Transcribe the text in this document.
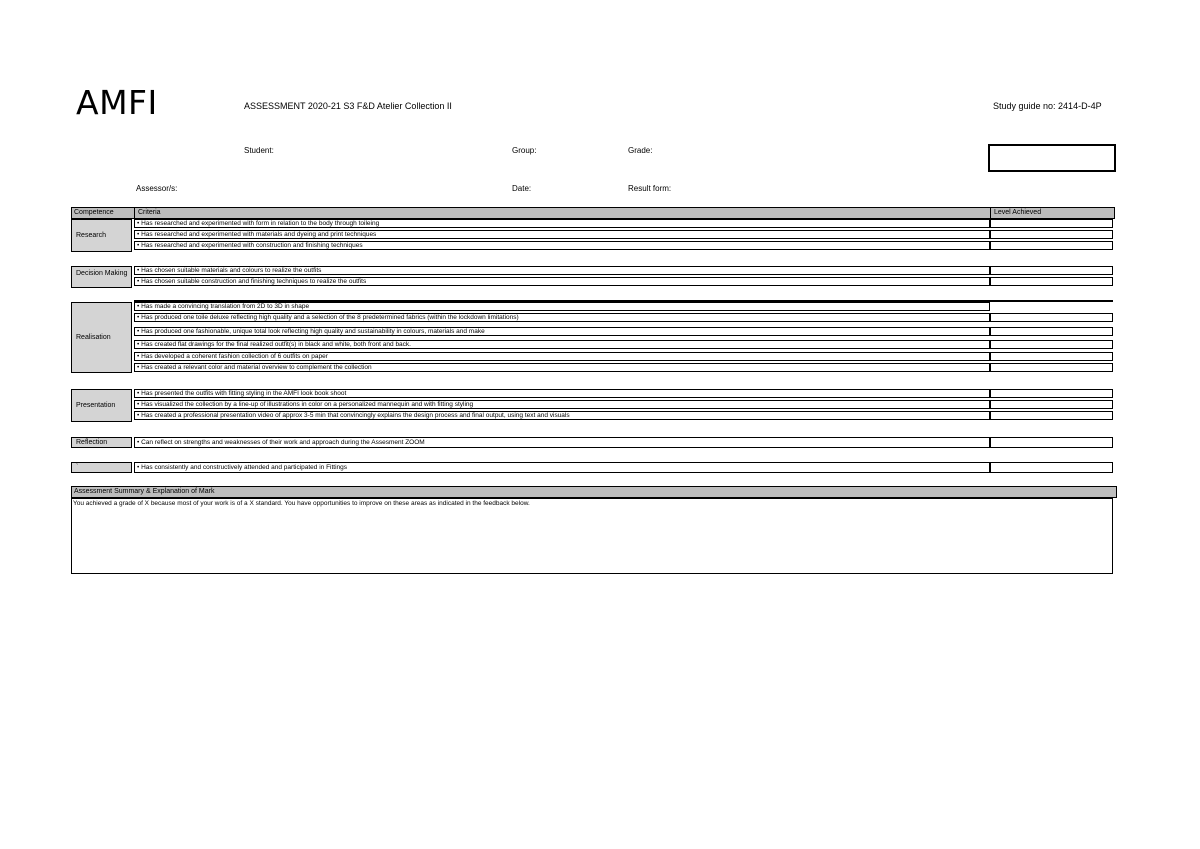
AMFI	ASSESSMENT 2020-21 S3 F&D Atelier Collection II	Study guide no: 2414-D-4P
Student:	Group:	Grade:
Assessor/s:	Date:	Result form:
Competence	Criteria	Level Achieved
Research
• Has researched and experimented with form in relation to the body through toileing
• Has researched and experimented with materials and dyeing and print techniques
• Has researched and experimented with construction and finishing techniques
Decision Making	• Has chosen suitable materials and colours to realize the outfits
• Has chosen suitable construction and finishing techniques to realize the outfits
Realisation
• Has made a convincing translation from 2D to 3D in shape
• Has produced one toile deluxe reflecting high quality and a selection of the 8 predetermined fabrics (within the lockdown limitations)
• Has produced one fashionable, unique total look reflecting high quality and sustainability in colours, materials and make
• Has created flat drawings for the final realized outfit(s) in black and white, both front and back.
• Has developed a coherent fashion collection of 6 outfits on paper
• Has created a relevant color and material overview to complement the collection
Presentation
• Has presented the outfits with fitting styling in the AMFI look book shoot
• Has visualized the collection by a line-up of illustrations in color on a personalized mannequin and with fitting styling
• Has created a professional presentation video of approx 3-5 min that convincingly explains the design process and final output, using text and visuals
Reflection	• Can reflect on strengths and weaknesses of their work and approach during the Assesment ZOOM
`	• Has consistently and constructively attended and participated in Fittings
Assessment Summary & Explanation of Mark
You achieved a grade of X because most of your work is of a X standard. You have opportunities to improve on these areas as indicated in the feedback below.
